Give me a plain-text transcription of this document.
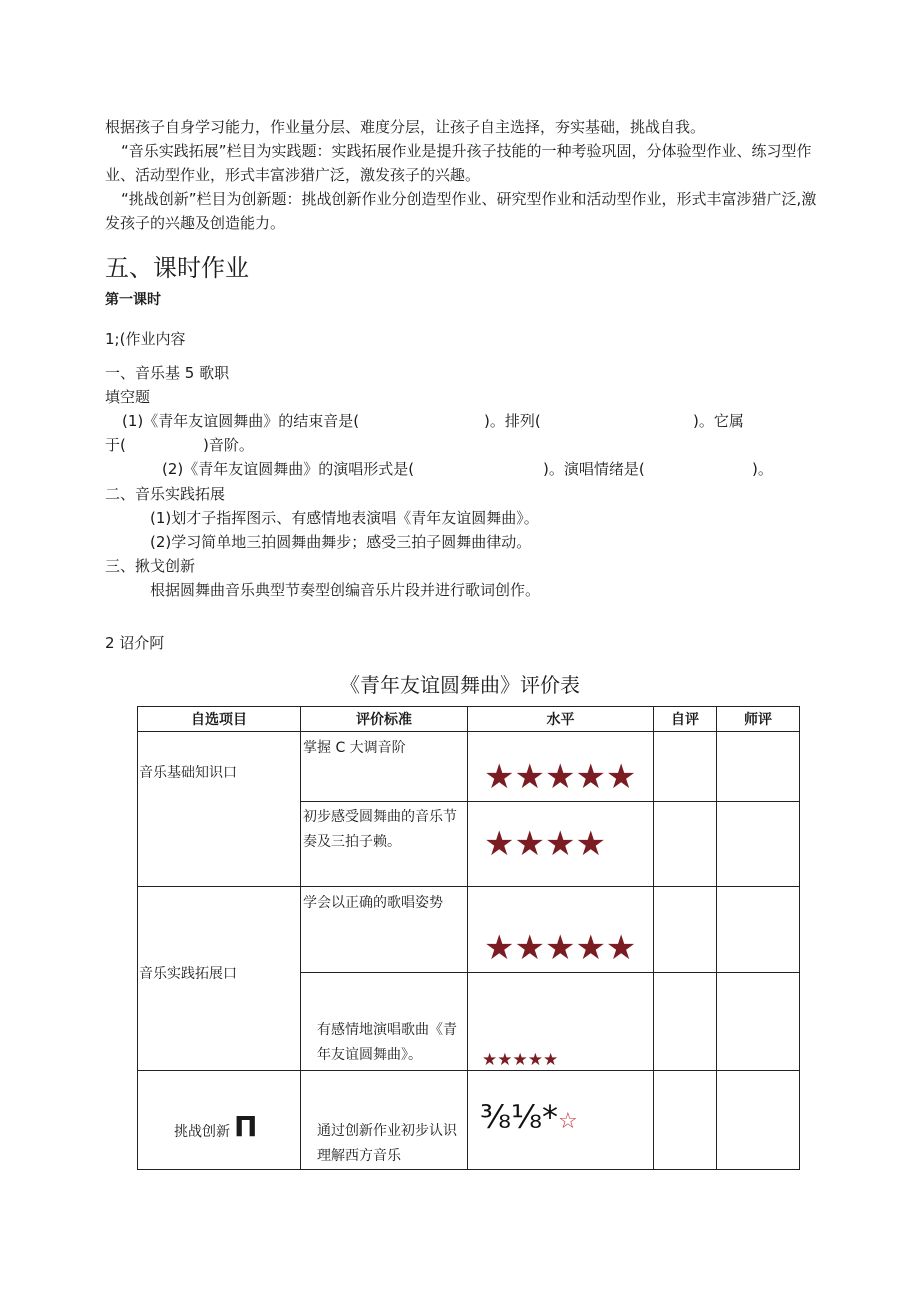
根据孩子自身学习能力，作业量分层、难度分层，让孩子自主选择，夯实基础，挑战自我。
“音乐实践拓展”栏目为实践题：实践拓展作业是提升孩子技能的一种考验巩固，分体验型作业、练习型作
业、活动型作业，形式丰富涉猎广泛，激发孩子的兴趣。
“挑战创新”栏目为创新题：挑战创新作业分创造型作业、研究型作业和活动型作业，形式丰富涉猎广泛,激
发孩子的兴趣及创造能力。
五、课时作业
第一课时
1;(作业内容
一、音乐基 5 歌职
填空题
(1)《青年友谊圆舞曲》的结束音是(	)。排列(	)。它属
于(	)音阶。
(2)《青年友谊圆舞曲》的演唱形式是(	)。演唱情绪是(	)。
二、音乐实践拓展
(1)划才子指挥图示、有感情地表演唱《青年友谊圆舞曲》。
(2)学习简单地三拍圆舞曲舞步；感受三拍子圆舞曲律动。
三、揪戈创新
根据圆舞曲音乐典型节奏型创编音乐片段并进行歌词创作。
2 诏介阿
《青年友谊圆舞曲》评价表
自选项目	评价标准	水平	自评	师评

音乐基础知识口	掌握 C 大调音阶	★★★★★		

	初步感受圆舞曲的音乐节奏及三拍子赖。	★★★★		

音乐实践拓展口	学会以正确的歌唱姿势	★★★★★		

	有感情地演唱歌曲《青年友谊圆舞曲》。	★★★★★		

挑战创新 П	通过创新作业初步认识理解西方音乐	⅜⅛*☆		
